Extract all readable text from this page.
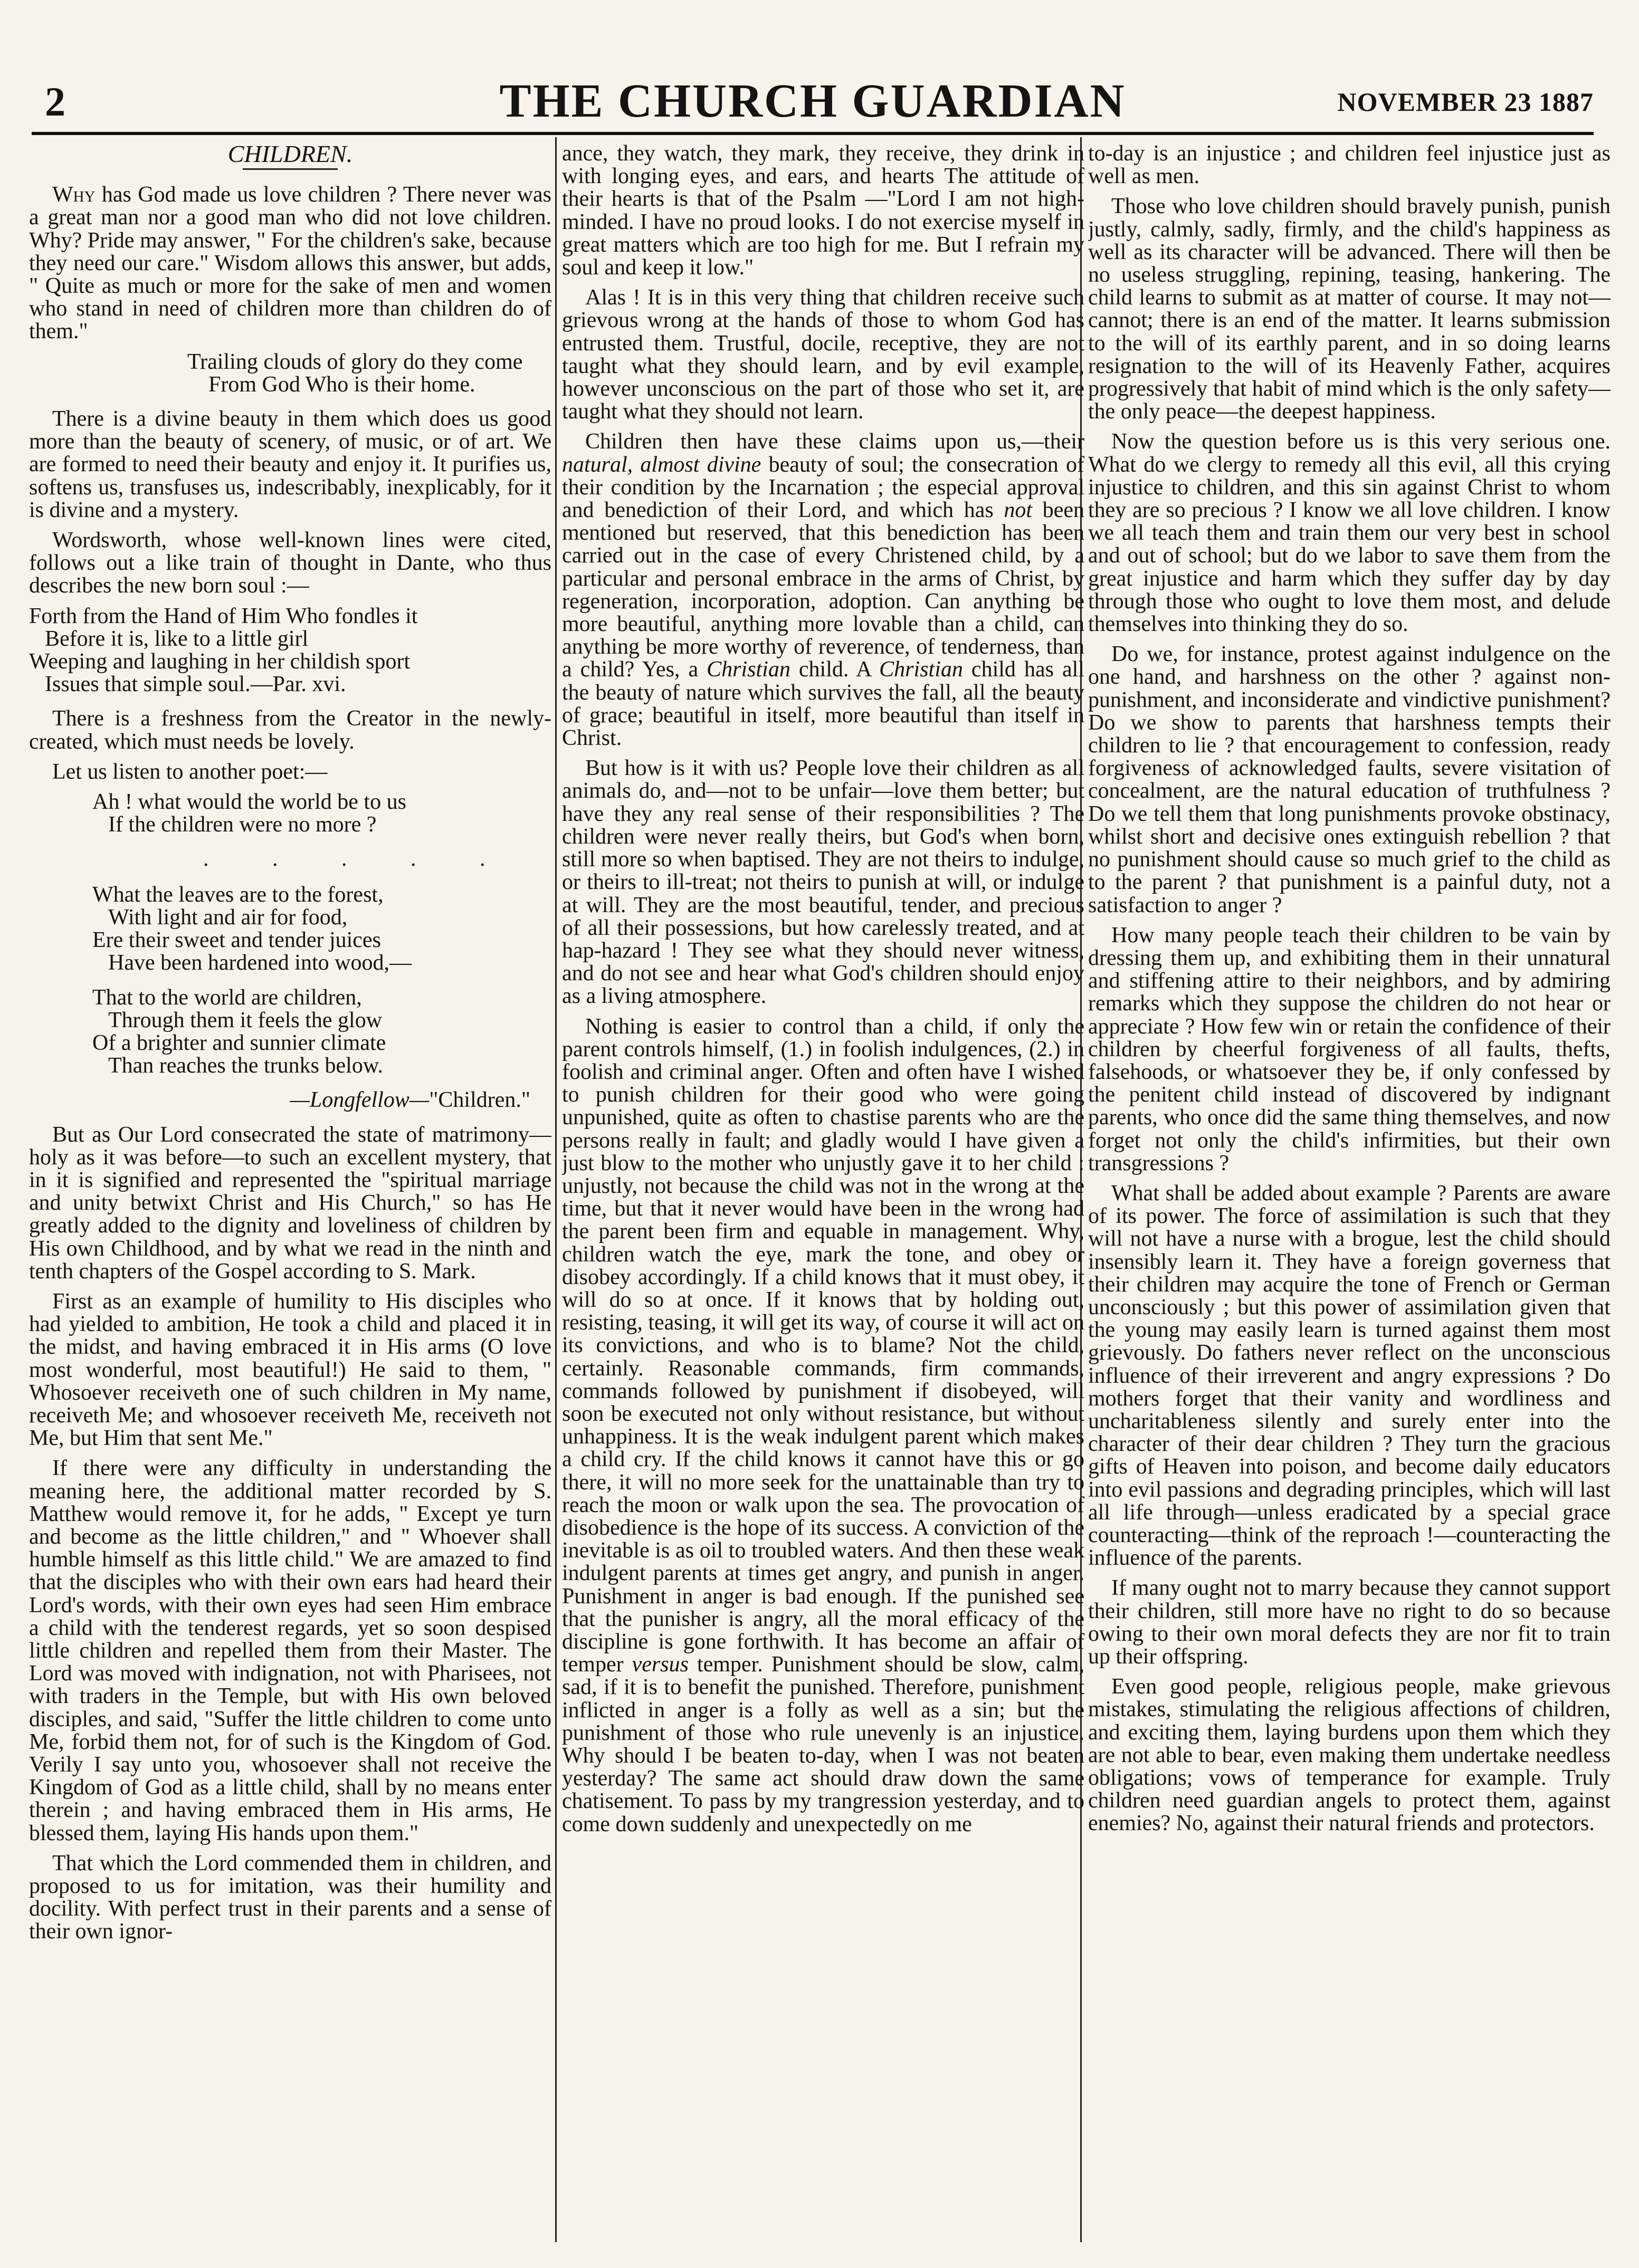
2	THE CHURCH GUARDIAN	NOVEMBER 23 1887
CHILDREN.

Why has God made us love children ? There never was a great man nor a good man who did not love children. Why? Pride may answer, " For the children's sake, because they need our care." Wisdom allows this answer, but adds, " Quite as much or more for the sake of men and women who stand in need of children more than children do of them."

Trailing clouds of glory do they come
From God Who is their home.

There is a divine beauty in them which does us good more than the beauty of scenery, of music, or of art. We are formed to need their beauty and enjoy it. It purifies us, softens us, transfuses us, indescribably, inexplicably, for it is divine and a mystery.

Wordsworth, whose well-known lines were cited, follows out a like train of thought in Dante, who thus describes the new born soul :—

Forth from the Hand of Him Who fondles it
Before it is, like to a little girl
Weeping and laughing in her childish sport
Issues that simple soul.—Par. xvi.

There is a freshness from the Creator in the newly-created, which must needs be lovely.

Let us listen to another poet:—

Ah ! what would the world be to us
If the children were no more ?
. . . . .
What the leaves are to the forest,
With light and air for food,
Ere their sweet and tender juices
Have been hardened into wood,—
That to the world are children,
Through them it feels the glow
Of a brighter and sunnier climate
Than reaches the trunks below.
—Longfellow—"Children."

But as Our Lord consecrated the state of matrimony—holy as it was before—to such an excellent mystery, that in it is signified and represented the "spiritual marriage and unity betwixt Christ and His Church," so has He greatly added to the dignity and loveliness of children by His own Childhood, and by what we read in the ninth and tenth chapters of the Gospel according to S. Mark.

First as an example of humility to His disciples who had yielded to ambition, He took a child and placed it in the midst, and having embraced it in His arms (O love most wonderful, most beautiful!) He said to them, " Whosoever receiveth one of such children in My name, receiveth Me; and whosoever receiveth Me, receiveth not Me, but Him that sent Me."

If there were any difficulty in understanding the meaning here, the additional matter recorded by S. Matthew would remove it, for he adds, " Except ye turn and become as the little children," and " Whoever shall humble himself as this little child." We are amazed to find that the disciples who with their own ears had heard their Lord's words, with their own eyes had seen Him embrace a child with the tenderest regards, yet so soon despised little children and repelled them from their Master. The Lord was moved with indignation, not with Pharisees, not with traders in the Temple, but with His own beloved disciples, and said, "Suffer the little children to come unto Me, forbid them not, for of such is the Kingdom of God. Verily I say unto you, whosoever shall not receive the Kingdom of God as a little child, shall by no means enter therein ; and having embraced them in His arms, He blessed them, laying His hands upon them."

That which the Lord commended them in children, and proposed to us for imitation, was their humility and docility. With perfect trust in their parents and a sense of their own ignor-

ance, they watch, they mark, they receive, they drink in with longing eyes, and ears, and hearts The attitude of their hearts is that of the Psalm —"Lord I am not high-minded. I have no proud looks. I do not exercise myself in great matters which are too high for me. But I refrain my soul and keep it low."

Alas ! It is in this very thing that children receive such grievous wrong at the hands of those to whom God has entrusted them. Trustful, docile, receptive, they are not taught what they should learn, and by evil example, however unconscious on the part of those who set it, are taught what they should not learn.

Children then have these claims upon us,—their natural, almost divine beauty of soul; the consecration of their condition by the Incarnation ; the especial approval and benediction of their Lord, and which has not been mentioned but reserved, that this benediction has been carried out in the case of every Christened child, by a particular and personal embrace in the arms of Christ, by regeneration, incorporation, adoption. Can anything be more beautiful, anything more lovable than a child, can anything be more worthy of reverence, of tenderness, than a child? Yes, a Christian child. A Christian child has all the beauty of nature which survives the fall, all the beauty of grace; beautiful in itself, more beautiful than itself in Christ.

But how is it with us? People love their children as all animals do, and—not to be unfair—love them better; but have they any real sense of their responsibilities ? The children were never really theirs, but God's when born, still more so when baptised. They are not theirs to indulge, or theirs to ill-treat; not theirs to punish at will, or indulge at will. They are the most beautiful, tender, and precious of all their possessions, but how carelessly treated, and at hap-hazard ! They see what they should never witness, and do not see and hear what God's children should enjoy as a living atmosphere.

Nothing is easier to control than a child, if only the parent controls himself, (1.) in foolish indulgences, (2.) in foolish and criminal anger. Often and often have I wished to punish children for their good who were going unpunished, quite as often to chastise parents who are the persons really in fault; and gladly would I have given a just blow to the mother who unjustly gave it to her child : unjustly, not because the child was not in the wrong at the time, but that it never would have been in the wrong had the parent been firm and equable in management. Why, children watch the eye, mark the tone, and obey or disobey accordingly. If a child knows that it must obey, it will do so at once. If it knows that by holding out, resisting, teasing, it will get its way, of course it will act on its convictions, and who is to blame? Not the child, certainly. Reasonable commands, firm commands, commands followed by punishment if disobeyed, will soon be executed not only without resistance, but without unhappiness. It is the weak indulgent parent which makes a child cry. If the child knows it cannot have this or go there, it will no more seek for the unattainable than try to reach the moon or walk upon the sea. The provocation of disobedience is the hope of its success. A conviction of the inevitable is as oil to troubled waters. And then these weak indulgent parents at times get angry, and punish in anger. Punishment in anger is bad enough. If the punished see that the punisher is angry, all the moral efficacy of the discipline is gone forthwith. It has become an affair of temper versus temper. Punishment should be slow, calm, sad, if it is to benefit the punished. Therefore, punishment inflicted in anger is a folly as well as a sin; but the punishment of those who rule unevenly is an injustice. Why should I be beaten to-day, when I was not beaten yesterday? The same act should draw down the same chatisement. To pass by my trangression yesterday, and to come down suddenly and unexpectedly on me

to-day is an injustice ; and children feel injustice just as well as men.

Those who love children should bravely punish, punish justly, calmly, sadly, firmly, and the child's happiness as well as its character will be advanced. There will then be no useless struggling, repining, teasing, hankering. The child learns to submit as at matter of course. It may not—cannot; there is an end of the matter. It learns submission to the will of its earthly parent, and in so doing learns resignation to the will of its Heavenly Father, acquires progressively that habit of mind which is the only safety—the only peace—the deepest happiness.

Now the question before us is this very serious one. What do we clergy to remedy all this evil, all this crying injustice to children, and this sin against Christ to whom they are so precious ? I know we all love children. I know we all teach them and train them our very best in school and out of school; but do we labor to save them from the great injustice and harm which they suffer day by day through those who ought to love them most, and delude themselves into thinking they do so.

Do we, for instance, protest against indulgence on the one hand, and harshness on the other ? against non-punishment, and inconsiderate and vindictive punishment? Do we show to parents that harshness tempts their children to lie ? that encouragement to confession, ready forgiveness of acknowledged faults, severe visitation of concealment, are the natural education of truthfulness ? Do we tell them that long punishments provoke obstinacy, whilst short and decisive ones extinguish rebellion ? that no punishment should cause so much grief to the child as to the parent ? that punishment is a painful duty, not a satisfaction to anger ?

How many people teach their children to be vain by dressing them up, and exhibiting them in their unnatural and stiffening attire to their neighbors, and by admiring remarks which they suppose the children do not hear or appreciate ? How few win or retain the confidence of their children by cheerful forgiveness of all faults, thefts, falsehoods, or whatsoever they be, if only confessed by the penitent child instead of discovered by indignant parents, who once did the same thing themselves, and now forget not only the child's infirmities, but their own transgressions ?

What shall be added about example ? Parents are aware of its power. The force of assimilation is such that they will not have a nurse with a brogue, lest the child should insensibly learn it. They have a foreign governess that their children may acquire the tone of French or German unconsciously ; but this power of assimilation given that the young may easily learn is turned against them most grievously. Do fathers never reflect on the unconscious influence of their irreverent and angry expressions ? Do mothers forget that their vanity and wordliness and uncharitableness silently and surely enter into the character of their dear children ? They turn the gracious gifts of Heaven into poison, and become daily educators into evil passions and degrading principles, which will last all life through—unless eradicated by a special grace counteracting—think of the reproach !—counteracting the influence of the parents.

If many ought not to marry because they cannot support their children, still more have no right to do so because owing to their own moral defects they are nor fit to train up their offspring.

Even good people, religious people, make grievous mistakes, stimulating the religious affections of children, and exciting them, laying burdens upon them which they are not able to bear, even making them undertake needless obligations; vows of temperance for example. Truly children need guardian angels to protect them, against enemies? No, against their natural friends and protectors.
